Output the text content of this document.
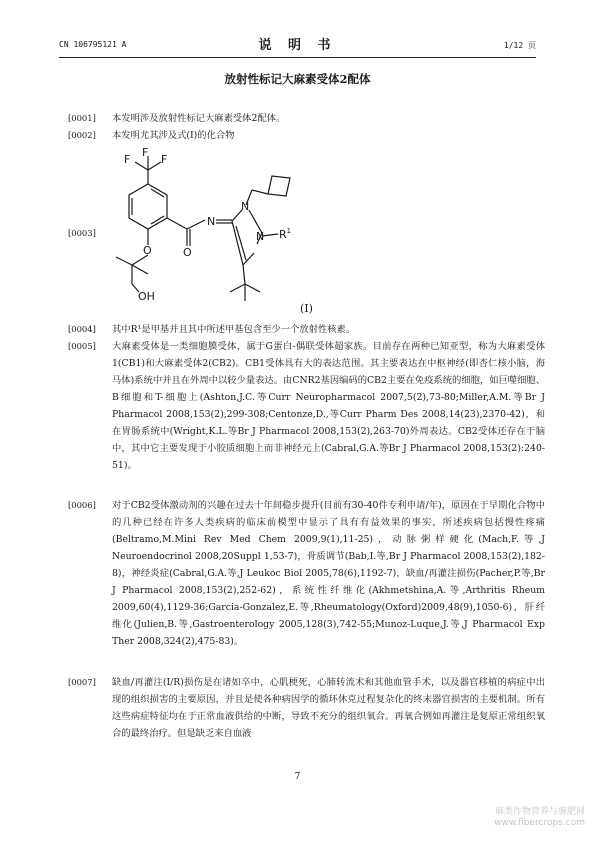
CN 106795121 A	说 明 书	1/12 页
放射性标记大麻素受体2配体
[0001] 本发明涉及放射性标记大麻素受体2配体。
[0002] 本发明尤其涉及式(I)的化合物
[0003]
F
F	F
O
N
N
N $R^1$
O
OH
(I)
[0004] 其中R¹是甲基并且其中所述甲基包含至少一个放射性核素。
[0005] 大麻素受体是一类细胞膜受体，属于G蛋白-偶联受体超家族。目前存在两种已知亚型，称为大麻素受体1(CB1)和大麻素受体2(CB2)。CB1受体具有大的表达范围。其主要表达在中枢神经(即杏仁核小脑，海马体)系统中并且在外周中以较少量表达。由CNR2基因编码的CB2主要在免疫系统的细胞，如巨噬细胞、B细胞和T-细胞上(Ashton,J.C.等Curr Neuropharmacol 2007,5(2),73-80;Miller,A.M.等Br J Pharmacol 2008,153(2),299-308;Centonze,D.,等Curr Pharm Des 2008,14(23),2370-42)，和在胃肠系统中(Wright,K.L.等Br J Pharmacol 2008,153(2),263-70)外周表达。CB2受体还存在于脑中，其中它主要发现于小胶质细胞上而非神经元上(Cabral,G.A.等Br J Pharmacol 2008,153(2):240-51)。
[0006] 对于CB2受体激动剂的兴趣在过去十年间稳步提升(目前有30-40件专利申请/年)，原因在于早期化合物中的几种已经在许多人类疾病的临床前模型中显示了具有有益效果的事实，所述疾病包括慢性疼痛(Beltramo,M.Mini Rev Med Chem 2009,9(1),11-25)，动脉粥样硬化(Mach,F.等,J Neuroendocrinol 2008,20Suppl 1,53-7)，骨质调节(Bab,I.等,Br J Pharmacol 2008,153(2),182-8)，神经炎症(Cabral,G.A.等,J Leukoc Biol 2005,78(6),1192-7)，缺血/再灌注损伤(Pacher,P.等,Br J Pharmacol 2008,153(2),252-62)，系统性纤维化(Akhmetshina,A.等,Arthritis Rheum 2009,60(4),1129-36;Garcia-Gonzalez,E.等,Rheumatology(Oxford)2009,48(9),1050-6)，肝纤维化(Julien,B.等,Gastroenterology 2005,128(3),742-55;Munoz-Luque,J.等,J Pharmacol Exp Ther 2008,324(2),475-83)。
[0007] 缺血/再灌注(I/R)损伤是在诸如卒中，心肌梗死，心肺转流术和其他血管手术，以及器官移植的病症中出现的组织损害的主要原因，并且是使各种病因学的循环休克过程复杂化的终末器官损害的主要机制。所有这些病症特征均在于正常血液供给的中断，导致不充分的组织氧合。再氧合例如再灌注是复原正常组织氧合的最终治疗。但是缺乏来自血液
7
麻类作物营养与施肥网
www.fibercrops.com
